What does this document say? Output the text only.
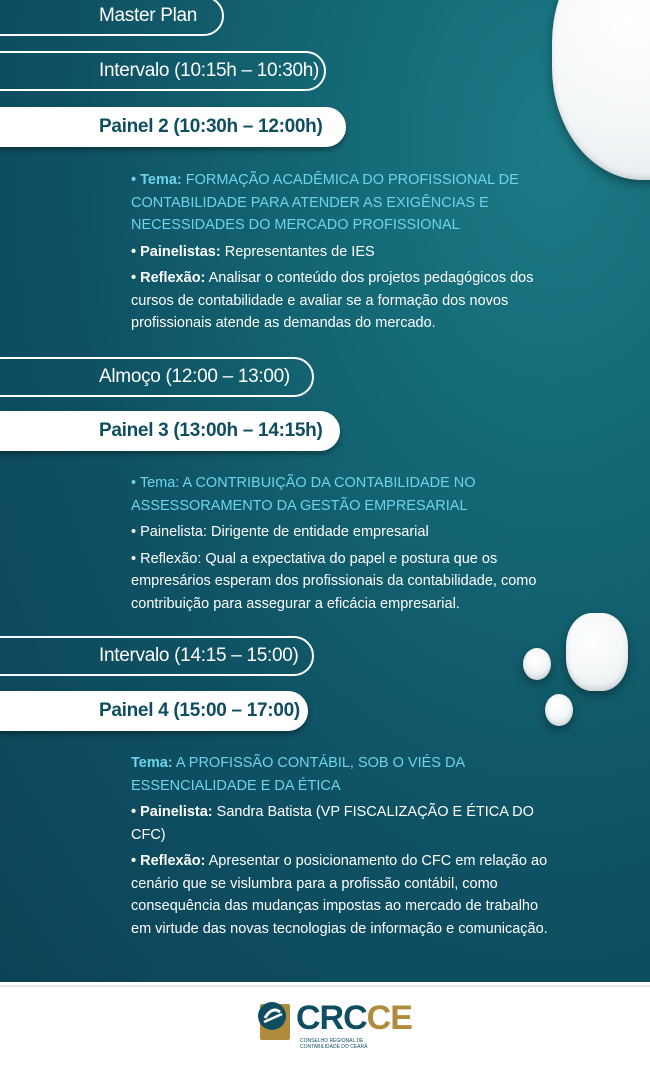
Master Plan
Intervalo (10:15h – 10:30h)
Painel 2 (10:30h – 12:00h)

• Tema: FORMAÇÃO ACADÊMICA DO PROFISSIONAL DE CONTABILIDADE PARA ATENDER AS EXIGÊNCIAS E NECESSIDADES DO MERCADO PROFISSIONAL

• Painelistas: Representantes de IES

• Reflexão: Analisar o conteúdo dos projetos pedagógicos dos cursos de contabilidade e avaliar se a formação dos novos profissionais atende as demandas do mercado.

Almoço (12:00 – 13:00)
Painel 3 (13:00h – 14:15h)

• Tema: A CONTRIBUIÇÃO DA CONTABILIDADE NO ASSESSORAMENTO DA GESTÃO EMPRESARIAL

• Painelista: Dirigente de entidade empresarial

• Reflexão: Qual a expectativa do papel e postura que os empresários esperam dos profissionais da contabilidade, como contribuição para assegurar a eficácia empresarial.

Intervalo (14:15 – 15:00)
Painel 4 (15:00 – 17:00)

Tema: A PROFISSÃO CONTÁBIL, SOB O VIÉS DA ESSENCIALIDADE E DA ÉTICA

• Painelista: Sandra Batista (VP FISCALIZAÇÃO E ÉTICA DO CFC)

• Reflexão: Apresentar o posicionamento do CFC em relação ao cenário que se vislumbra para a profissão contábil, como consequência das mudanças impostas ao mercado de trabalho em virtude das novas tecnologias de informação e comunicação.

CRCCE
CONSELHO REGIONAL DE CONTABILIDADE DO CEARÁ
